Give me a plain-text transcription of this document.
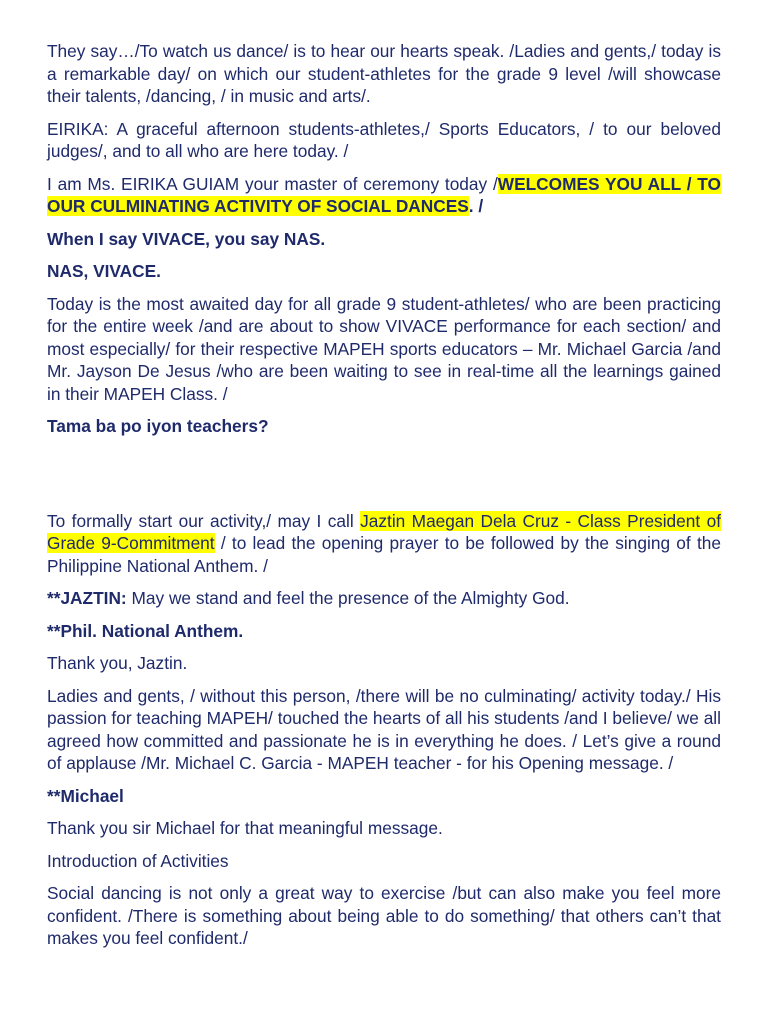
They say…/To watch us dance/ is to hear our hearts speak. /Ladies and gents,/ today is a remarkable day/ on which our student-athletes for the grade 9 level /will showcase their talents, /dancing, / in music and arts/.

EIRIKA: A graceful afternoon students-athletes,/ Sports Educators, / to our beloved judges/, and to all who are here today. /

I am Ms. EIRIKA GUIAM your master of ceremony today /WELCOMES YOU ALL / TO OUR CULMINATING ACTIVITY OF SOCIAL DANCES. /

When I say VIVACE, you say NAS.

NAS, VIVACE.

Today is the most awaited day for all grade 9 student-athletes/ who are been practicing for the entire week /and are about to show VIVACE performance for each section/ and most especially/ for their respective MAPEH sports educators – Mr. Michael Garcia /and Mr. Jayson De Jesus /who are been waiting to see in real-time all the learnings gained in their MAPEH Class. /

Tama ba po iyon teachers?

To formally start our activity,/ may I call Jaztin Maegan Dela Cruz - Class President of Grade 9-Commitment / to lead the opening prayer to be followed by the singing of the Philippine National Anthem. /

**JAZTIN: May we stand and feel the presence of the Almighty God.

**Phil. National Anthem.

Thank you, Jaztin.

Ladies and gents, / without this person, /there will be no culminating/ activity today./ His passion for teaching MAPEH/ touched the hearts of all his students /and I believe/ we all agreed how committed and passionate he is in everything he does. / Let’s give a round of applause /Mr. Michael C. Garcia - MAPEH teacher - for his Opening message. /

**Michael

Thank you sir Michael for that meaningful message.

Introduction of Activities

Social dancing is not only a great way to exercise /but can also make you feel more confident. /There is something about being able to do something/ that others can’t that makes you feel confident./
